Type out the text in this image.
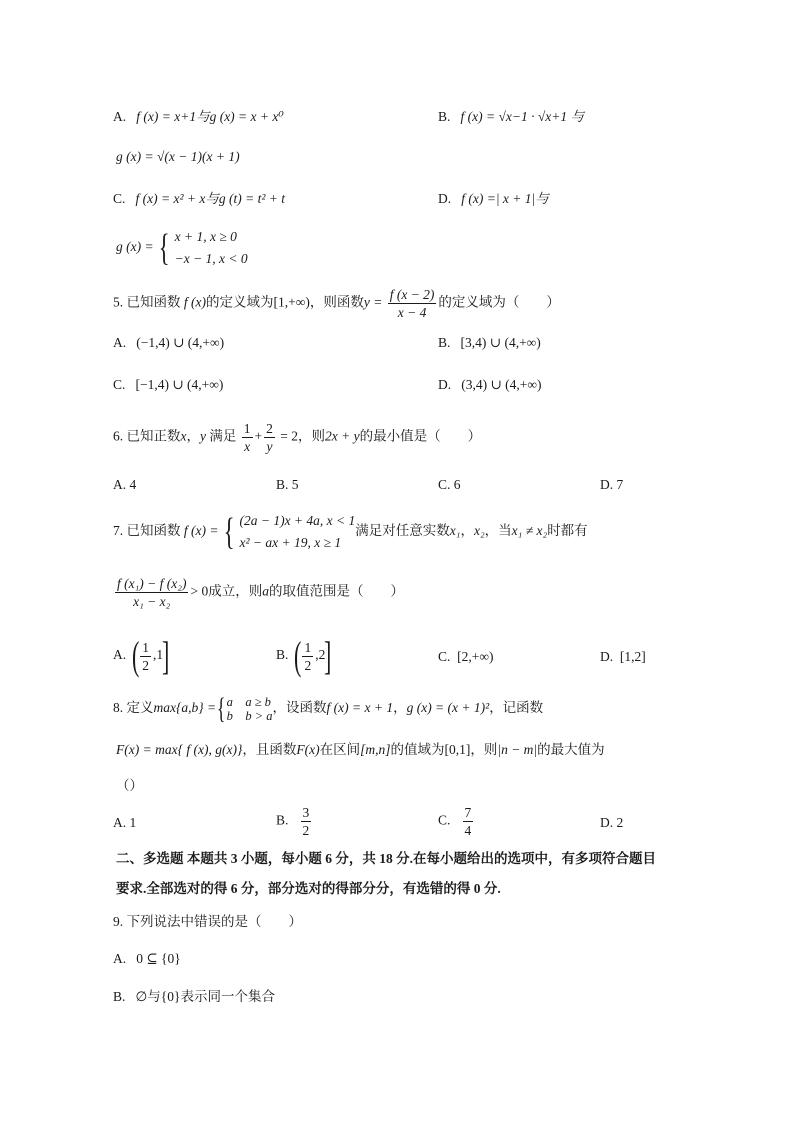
A. f (x) = x+1与g (x) = x + x⁰	B. f (x) = √x−1 · √x+1 与
g (x) = √(x − 1)(x + 1)
C. f (x) = x² + x与g (t) = t² + t	D. f (x) =| x + 1|与
g (x) = { x + 1, x ≥ 0
−x − 1, x < 0
5. 已知函数 f (x)的定义域为[1,+∞)，则函数$y = \frac{f (x - 2)}{x - 4}$ 的定义域为（　　）
A. (−1,4) ∪ (4,+∞)	B. [3,4) ∪ (4,+∞)
C. [−1,4) ∪ (4,+∞)	D. (3,4) ∪ (4,+∞)
6. 已知正数x，y 满足 $\frac{1}{x} + \frac{2}{y} = 2$，则2x + y的最小值是（　　）
A. 4	B. 5	C. 6	D. 7
7. 已知函数 f (x) = { (2a − 1)x + 4a, x < 1
x² − ax + 19, x ≥ 1
满足对任意实数x₁，x₂，当x₁ ≠ x₂时都有
$\frac{\text{f (x₁) − f (x₂)}}{\text{x₁ − x₂}} > 0$成立，则a的取值范围是（　　）
A. ( $\frac{1}{2} ,1$]	B. ( $\frac{1}{2} ,2$]	C. [2,+∞)	D. [1,2]
8. 定义max{a,b} ={ a　a ≥ b
b　b > a
，设函数f (x) = x + 1，g (x) = (x + 1)²，记函数
F(x) = max{ f (x), g(x)}，且函数F(x)在区间[m,n]的值域为[0,1]，则|n − m|的最大值为
（）
A. 1	B. $\frac{3}{2}$	C. $\frac{7}{4}$	D. 2
二、多选题 本题共 3 小题，每小题 6 分，共 18 分.在每小题给出的选项中，有多项符合题目
要求.全部选对的得 6 分，部分选对的得部分分，有选错的得 0 分.
9. 下列说法中错误的是（　　）
A. 0 ⊆ {0}
B. ∅与{0}表示同一个集合
